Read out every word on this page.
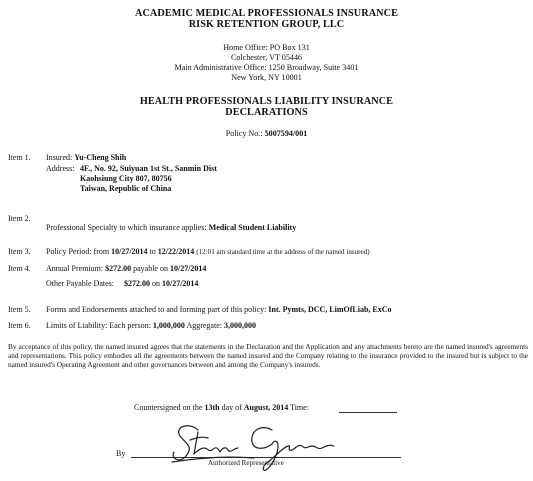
ACADEMIC MEDICAL PROFESSIONALS INSURANCE
RISK RETENTION GROUP, LLC
Home Office: PO Box 131
Colchester, VT 05446
Main Administrative Office: 1250 Broadway, Suite 3401
New York, NY 10001
HEALTH PROFESSIONALS LIABILITY INSURANCE
DECLARATIONS
Policy No.: 5007594/001
Item 1. Insured: Yu-Cheng Shih
Address: 4F., No. 92, Suiyuan 1st St., Sanmin Dist
Kaohsiung City 807, 80756
Taiwan, Republic of China
Item 2.
Professional Specialty to which insurance applies: Medical Student Liability
Item 3. Policy Period: from 10/27/2014 to 12/22/2014 (12:01 am standard time at the address of the named insured)
Item 4. Annual Premium: $272.00 payable on 10/27/2014
Other Payable Dates: $272.00 on 10/27/2014
Item 5. Forms and Endorsements attached to and forming part of this policy: Int. Pymts, DCC, LimOfLiab, ExCo
Item 6. Limits of Liability: Each person: 1,000,000 Aggregate: 3,000,000
By acceptance of this policy, the named insured agrees that the statements in the Declaration and the Application and any attachments hereto are the named insured's agreements and representations. This policy embodies all the agreements between the named insured and the Company relating to the insurance provided to the insured but is subject to the named insured's Operating Agreement and other governances between and among the Company's insureds.
Countersigned on the 13th day of August, 2014 Time:
By
Authorized Representative
